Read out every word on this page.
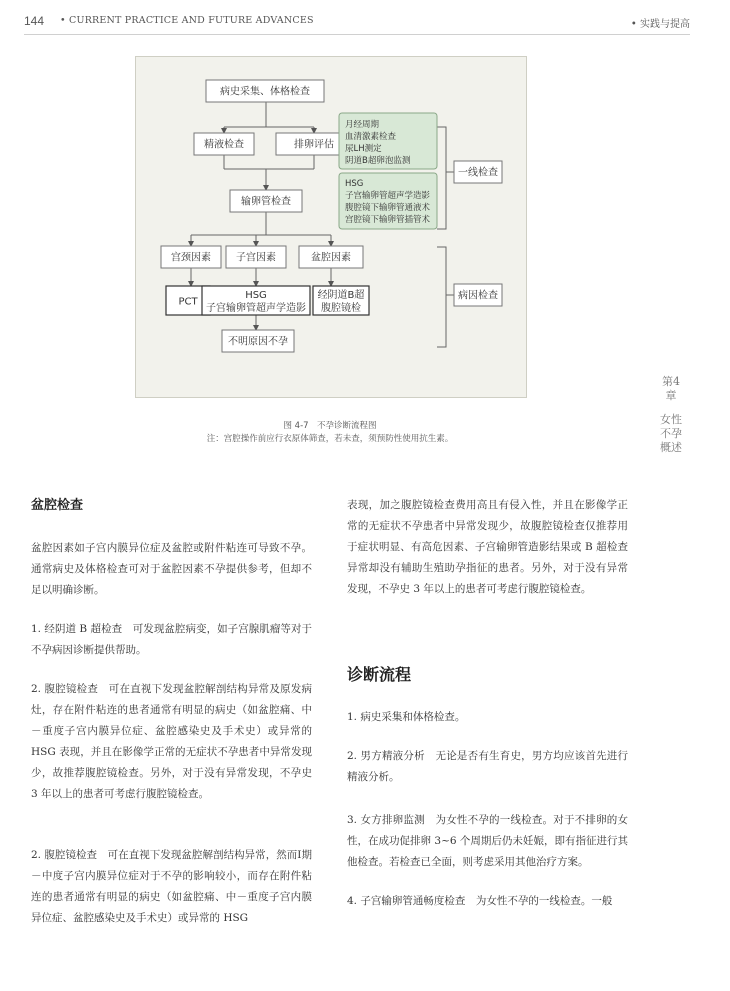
144 • CURRENT PRACTICE AND FUTURE ADVANCES	• 实践与提高
病史采集、体格检查
精液检查	排卵评估
输卵管检查
宫颈因素	子宫因素	盆腔因素
PCT
HSG
子宫输卵管超声学造影
经阴道B超
腹腔镜检
不明原因不孕
月经周期
血清激素检查
尿LH测定
阴道B超卵泡监测
HSG
子宫输卵管超声学造影
腹腔镜下输卵管通液术
宫腔镜下输卵管插管术
一线检查
病因检查
图 4-7　不孕诊断流程图
注：宫腔操作前应行衣原体筛查，若未查，须预防性使用抗生素。
第4章
女性不孕概述
盆腔检查

盆腔因素如子宫内膜异位症及盆腔或附件粘连可导致不孕。通常病史及体格检查可对于盆腔因素不孕提供参考，但却不足以明确诊断。

1. 经阴道 B 超检查　可发现盆腔病变，如子宫腺肌瘤等对于不孕病因诊断提供帮助。

2. 腹腔镜检查　可在直视下发现盆腔解剖结构异常及原发病灶，存在附件粘连的患者通常有明显的病史（如盆腔痛、中－重度子宫内膜异位症、盆腔感染史及手术史）或异常的 HSG 表现，并且在影像学正常的无症状不孕患者中异常发现少，故推荐腹腔镜检查。另外，对于没有异常发现，不孕史 3 年以上的患者可考虑行腹腔镜检查。

2. 腹腔镜检查　可在直视下发现盆腔解剖结构异常，然而Ⅰ期－中度子宫内膜异位症对于不孕的影响较小，而存在附件粘连的患者通常有明显的病史（如盆腔痛、中－重度子宫内膜异位症、盆腔感染史及手术史）或异常的 HSG

表现，加之腹腔镜检查费用高且有侵入性，并且在影像学正常的无症状不孕患者中异常发现少，故腹腔镜检查仅推荐用于症状明显、有高危因素、子宫输卵管造影结果或 B 超检查异常却没有辅助生殖助孕指征的患者。另外，对于没有异常发现，不孕史 3 年以上的患者可考虑行腹腔镜检查。

诊断流程

1. 病史采集和体格检查。

2. 男方精液分析　无论是否有生育史，男方均应该首先进行精液分析。

3. 女方排卵监测　为女性不孕的一线检查。对于不排卵的女性，在成功促排卵 3~6 个周期后仍未妊娠，即有指征进行其他检查。若检查已全面，则考虑采用其他治疗方案。

4. 子宫输卵管通畅度检查　为女性不孕的一线检查。一般
